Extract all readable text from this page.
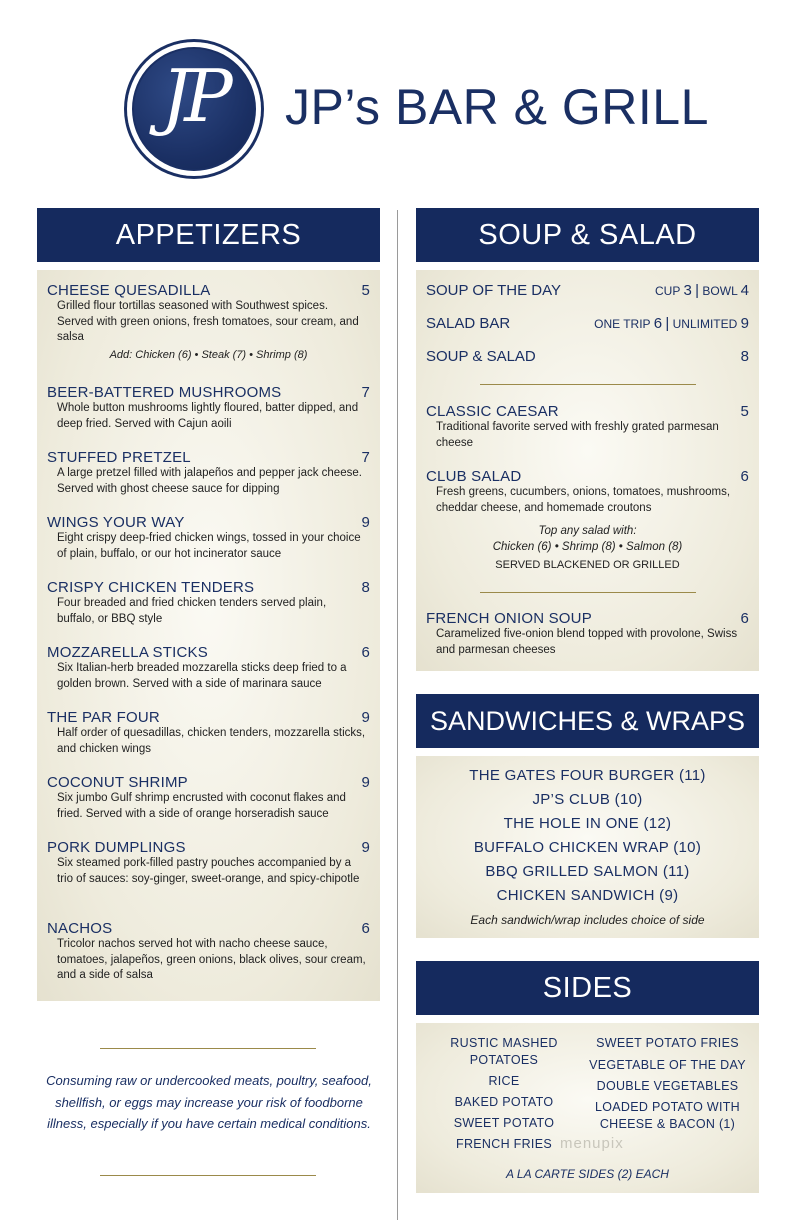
JP	JP’s BAR & GRILL
APPETIZERS
CHEESE QUESADILLA	5
Grilled flour tortillas seasoned with Southwest spices. Served with green onions, fresh tomatoes, sour cream, and salsa
Add: Chicken (6) • Steak (7) • Shrimp (8)
BEER-BATTERED MUSHROOMS	7
Whole button mushrooms lightly floured, batter dipped, and deep fried. Served with Cajun aoili
STUFFED PRETZEL	7
A large pretzel filled with jalapeños and pepper jack cheese. Served with ghost cheese sauce for dipping
WINGS YOUR WAY	9
Eight crispy deep-fried chicken wings, tossed in your choice of plain, buffalo, or our hot incinerator sauce
CRISPY CHICKEN TENDERS	8
Four breaded and fried chicken tenders served plain, buffalo, or BBQ style
MOZZARELLA STICKS	6
Six Italian-herb breaded mozzarella sticks deep fried to a golden brown. Served with a side of marinara sauce
THE PAR FOUR	9
Half order of quesadillas, chicken tenders, mozzarella sticks, and chicken wings
COCONUT SHRIMP	9
Six jumbo Gulf shrimp encrusted with coconut flakes and fried. Served with a side of orange horseradish sauce
PORK DUMPLINGS	9
Six steamed pork-filled pastry pouches accompanied by a trio of sauces: soy-ginger, sweet-orange, and spicy-chipotle
NACHOS	6
Tricolor nachos served hot with nacho cheese sauce, tomatoes, jalapeños, green onions, black olives, sour cream, and a side of salsa
SOUP & SALAD
SOUP OF THE DAY	CUP 3 | BOWL 4
SALAD BAR	ONE TRIP 6 | UNLIMITED 9
SOUP & SALAD	8
CLASSIC CAESAR	5
Traditional favorite served with freshly grated parmesan cheese
CLUB SALAD	6
Fresh greens, cucumbers, onions, tomatoes, mushrooms, cheddar cheese, and homemade croutons
Top any salad with:
Chicken (6) • Shrimp (8) • Salmon (8)
SERVED BLACKENED OR GRILLED
FRENCH ONION SOUP	6
Caramelized five-onion blend topped with provolone, Swiss and parmesan cheeses
SANDWICHES & WRAPS
THE GATES FOUR BURGER (11)
JP’S CLUB (10)
THE HOLE IN ONE (12)
BUFFALO CHICKEN WRAP (10)
BBQ GRILLED SALMON (11)
CHICKEN SANDWICH (9)
Each sandwich/wrap includes choice of side
SIDES
RUSTIC MASHED POTATOES
RICE
BAKED POTATO
SWEET POTATO
FRENCH FRIES
SWEET POTATO FRIES
VEGETABLE OF THE DAY
DOUBLE VEGETABLES
LOADED POTATO WITH CHEESE & BACON (1)
A LA CARTE SIDES (2) EACH
Consuming raw or undercooked meats, poultry, seafood, shellfish, or eggs may increase your risk of foodborne illness, especially if you have certain medical conditions.
menupix
